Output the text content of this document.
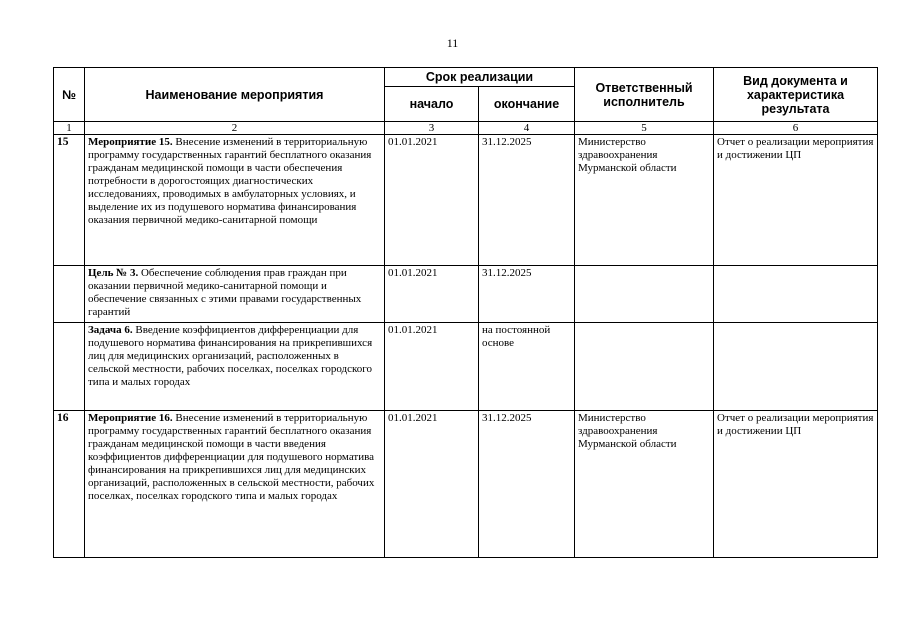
11
№	Наименование мероприятия	Срок реализации		Ответственный исполнитель	Вид документа и характеристика результата
		начало	окончание		
1	2	3	4	5	6
15	Мероприятие 15. Внесение изменений в территориальную программу государственных гарантий бесплатного оказания гражданам медицинской помощи в части обеспечения потребности в дорогостоящих диагностических исследованиях, проводимых в амбулаторных условиях, и выделение их из подушевого норматива финансирования оказания первичной медико-санитарной помощи	01.01.2021	31.12.2025	Министерство здравоохранения Мурманской области	Отчет о реализации мероприятия и достижении ЦП
	Цель № 3. Обеспечение соблюдения прав граждан при оказании первичной медико-санитарной помощи и обеспечение связанных с этими правами государственных гарантий	01.01.2021	31.12.2025		
	Задача 6. Введение коэффициентов дифференциации для подушевого норматива финансирования на прикрепившихся лиц для медицинских организаций, расположенных в сельской местности, рабочих поселках, поселках городского типа и малых городах	01.01.2021	на постоянной основе		
16	Мероприятие 16. Внесение изменений в территориальную программу государственных гарантий бесплатного оказания гражданам медицинской помощи в части введения коэффициентов дифференциации для подушевого норматива финансирования на прикрепившихся лиц для медицинских организаций, расположенных в сельской местности, рабочих поселках, поселках городского типа и малых городах	01.01.2021	31.12.2025	Министерство здравоохранения Мурманской области	Отчет о реализации мероприятия и достижении ЦП
